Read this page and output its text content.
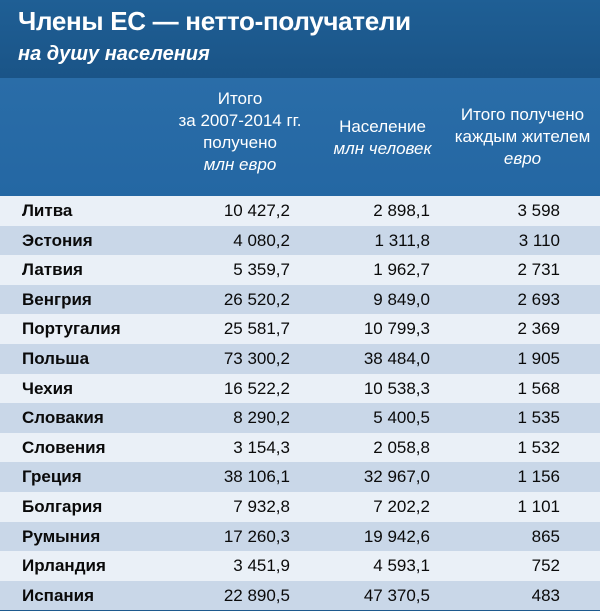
Члены ЕС — нетто-получатели
на душу населения
Итого
за 2007-2014 гг.
получено
млн евро
Население
млн человек
Итого получено
каждым жителем
евро
Литва	10 427,2	2 898,1	3 598
Эстония	4 080,2	1 311,8	3 110
Латвия	5 359,7	1 962,7	2 731
Венгрия	26 520,2	9 849,0	2 693
Португалия	25 581,7	10 799,3	2 369
Польша	73 300,2	38 484,0	1 905
Чехия	16 522,2	10 538,3	1 568
Словакия	8 290,2	5 400,5	1 535
Словения	3 154,3	2 058,8	1 532
Греция	38 106,1	32 967,0	1 156
Болгария	7 932,8	7 202,2	1 101
Румыния	17 260,3	19 942,6	865
Ирландия	3 451,9	4 593,1	752
Испания	22 890,5	47 370,5	483
